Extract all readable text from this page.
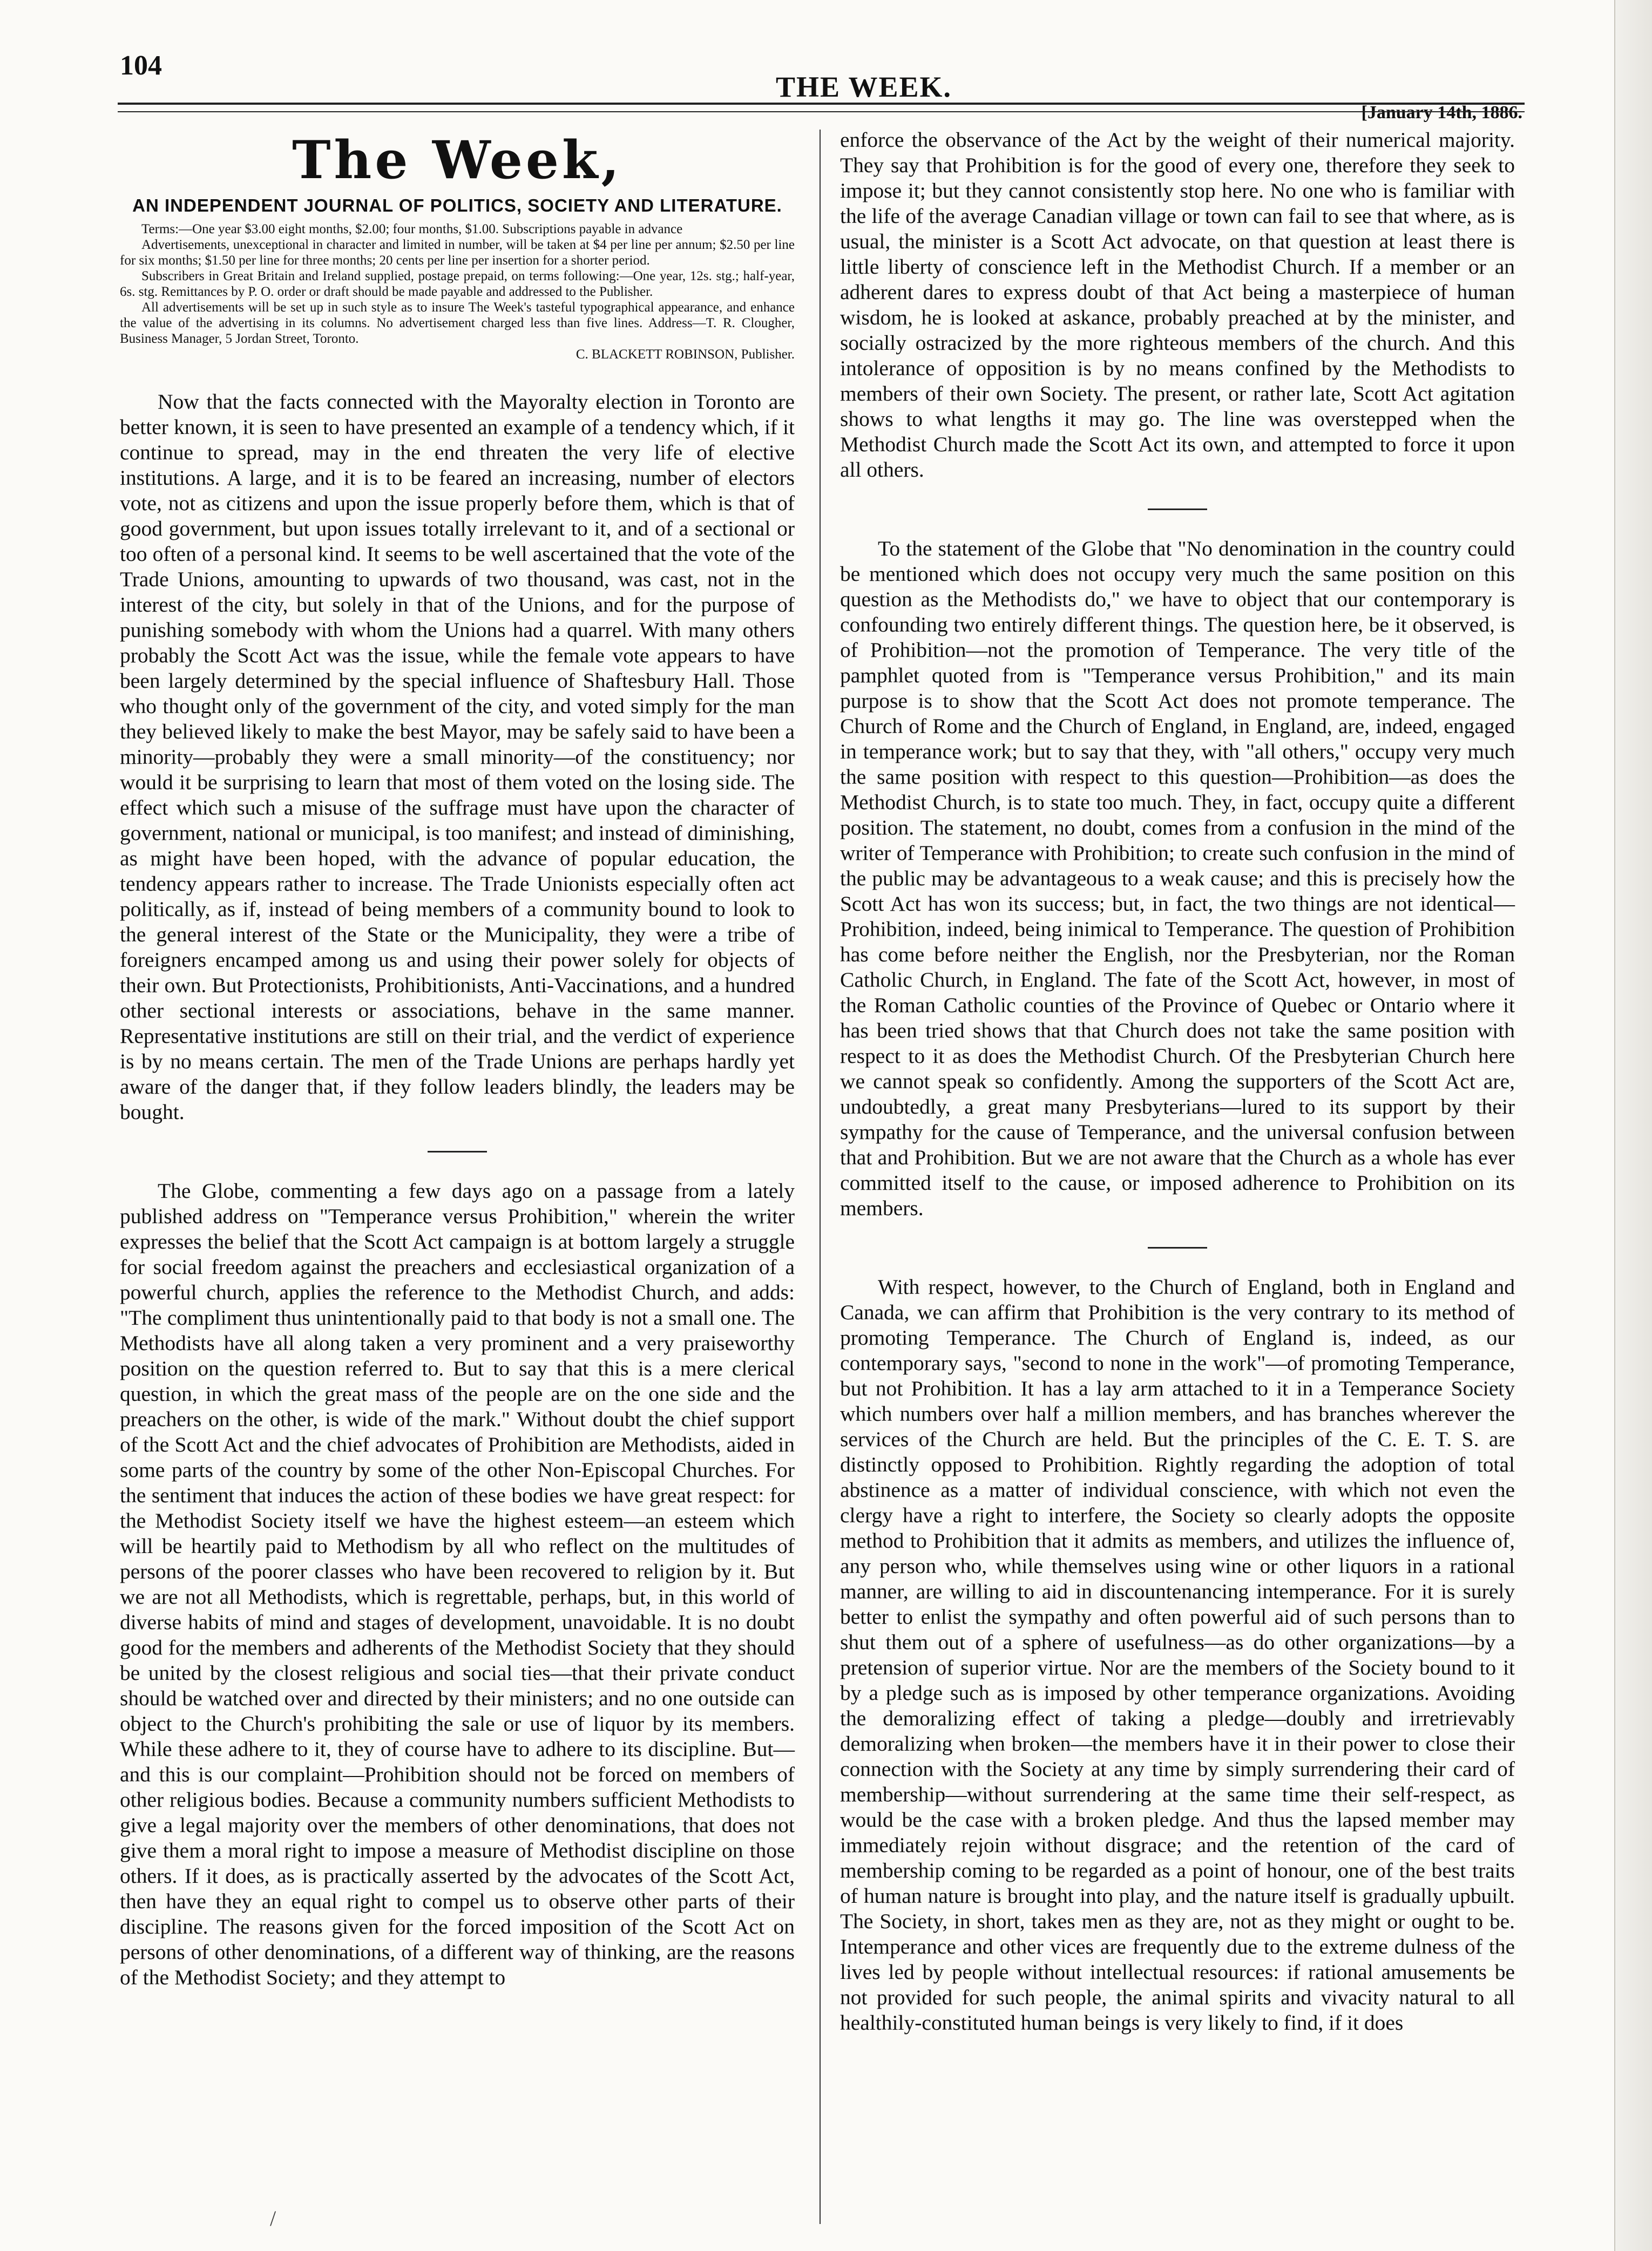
104
THE WEEK.
[January 14th, 1886.
The Week,
AN INDEPENDENT JOURNAL OF POLITICS, SOCIETY AND LITERATURE.

Terms:—One year $3.00 eight months, $2.00; four months, $1.00. Subscriptions payable in advance

Advertisements, unexceptional in character and limited in number, will be taken at $4 per line per annum; $2.50 per line for six months; $1.50 per line for three months; 20 cents per line per insertion for a shorter period.

Subscribers in Great Britain and Ireland supplied, postage prepaid, on terms following:—One year, 12s. stg.; half-year, 6s. stg. Remittances by P. O. order or draft should be made payable and addressed to the Publisher.

All advertisements will be set up in such style as to insure The Week's tasteful typographical appearance, and enhance the value of the advertising in its columns. No advertisement charged less than five lines. Address—T. R. Clougher, Business Manager, 5 Jordan Street, Toronto.

C. BLACKETT ROBINSON, Publisher.

Now that the facts connected with the Mayoralty election in Toronto are better known, it is seen to have presented an example of a tendency which, if it continue to spread, may in the end threaten the very life of elective institutions. A large, and it is to be feared an increasing, number of electors vote, not as citizens and upon the issue properly before them, which is that of good government, but upon issues totally irrelevant to it, and of a sectional or too often of a personal kind. It seems to be well ascertained that the vote of the Trade Unions, amounting to upwards of two thousand, was cast, not in the interest of the city, but solely in that of the Unions, and for the purpose of punishing somebody with whom the Unions had a quarrel. With many others probably the Scott Act was the issue, while the female vote appears to have been largely determined by the special influence of Shaftesbury Hall. Those who thought only of the government of the city, and voted simply for the man they believed likely to make the best Mayor, may be safely said to have been a minority—probably they were a small minority—of the constituency; nor would it be surprising to learn that most of them voted on the losing side. The effect which such a misuse of the suffrage must have upon the character of government, national or municipal, is too manifest; and instead of diminishing, as might have been hoped, with the advance of popular education, the tendency appears rather to increase. The Trade Unionists especially often act politically, as if, instead of being members of a community bound to look to the general interest of the State or the Municipality, they were a tribe of foreigners encamped among us and using their power solely for objects of their own. But Protectionists, Prohibitionists, Anti-Vaccinations, and a hundred other sectional interests or associations, behave in the same manner. Representative institutions are still on their trial, and the verdict of experience is by no means certain. The men of the Trade Unions are perhaps hardly yet aware of the danger that, if they follow leaders blindly, the leaders may be bought.

The Globe, commenting a few days ago on a passage from a lately published address on "Temperance versus Prohibition," wherein the writer expresses the belief that the Scott Act campaign is at bottom largely a struggle for social freedom against the preachers and ecclesiastical organization of a powerful church, applies the reference to the Methodist Church, and adds: "The compliment thus unintentionally paid to that body is not a small one. The Methodists have all along taken a very prominent and a very praiseworthy position on the question referred to. But to say that this is a mere clerical question, in which the great mass of the people are on the one side and the preachers on the other, is wide of the mark." Without doubt the chief support of the Scott Act and the chief advocates of Prohibition are Methodists, aided in some parts of the country by some of the other Non-Episcopal Churches. For the sentiment that induces the action of these bodies we have great respect: for the Methodist Society itself we have the highest esteem—an esteem which will be heartily paid to Methodism by all who reflect on the multitudes of persons of the poorer classes who have been recovered to religion by it. But we are not all Methodists, which is regrettable, perhaps, but, in this world of diverse habits of mind and stages of development, unavoidable. It is no doubt good for the members and adherents of the Methodist Society that they should be united by the closest religious and social ties—that their private conduct should be watched over and directed by their ministers; and no one outside can object to the Church's prohibiting the sale or use of liquor by its members. While these adhere to it, they of course have to adhere to its discipline. But—and this is our complaint—Prohibition should not be forced on members of other religious bodies. Because a community numbers sufficient Methodists to give a legal majority over the members of other denominations, that does not give them a moral right to impose a measure of Methodist discipline on those others. If it does, as is practically asserted by the advocates of the Scott Act, then have they an equal right to compel us to observe other parts of their discipline. The reasons given for the forced imposition of the Scott Act on persons of other denominations, of a different way of thinking, are the reasons of the Methodist Society; and they attempt to

enforce the observance of the Act by the weight of their numerical majority. They say that Prohibition is for the good of every one, therefore they seek to impose it; but they cannot consistently stop here. No one who is familiar with the life of the average Canadian village or town can fail to see that where, as is usual, the minister is a Scott Act advocate, on that question at least there is little liberty of conscience left in the Methodist Church. If a member or an adherent dares to express doubt of that Act being a masterpiece of human wisdom, he is looked at askance, probably preached at by the minister, and socially ostracized by the more righteous members of the church. And this intolerance of opposition is by no means confined by the Methodists to members of their own Society. The present, or rather late, Scott Act agitation shows to what lengths it may go. The line was overstepped when the Methodist Church made the Scott Act its own, and attempted to force it upon all others.

To the statement of the Globe that "No denomination in the country could be mentioned which does not occupy very much the same position on this question as the Methodists do," we have to object that our contemporary is confounding two entirely different things. The question here, be it observed, is of Prohibition—not the promotion of Temperance. The very title of the pamphlet quoted from is "Temperance versus Prohibition," and its main purpose is to show that the Scott Act does not promote temperance. The Church of Rome and the Church of England, in England, are, indeed, engaged in temperance work; but to say that they, with "all others," occupy very much the same position with respect to this question—Prohibition—as does the Methodist Church, is to state too much. They, in fact, occupy quite a different position. The statement, no doubt, comes from a confusion in the mind of the writer of Temperance with Prohibition; to create such confusion in the mind of the public may be advantageous to a weak cause; and this is precisely how the Scott Act has won its success; but, in fact, the two things are not identical—Prohibition, indeed, being inimical to Temperance. The question of Prohibition has come before neither the English, nor the Presbyterian, nor the Roman Catholic Church, in England. The fate of the Scott Act, however, in most of the Roman Catholic counties of the Province of Quebec or Ontario where it has been tried shows that that Church does not take the same position with respect to it as does the Methodist Church. Of the Presbyterian Church here we cannot speak so confidently. Among the supporters of the Scott Act are, undoubtedly, a great many Presbyterians—lured to its support by their sympathy for the cause of Temperance, and the universal confusion between that and Prohibition. But we are not aware that the Church as a whole has ever committed itself to the cause, or imposed adherence to Prohibition on its members.

With respect, however, to the Church of England, both in England and Canada, we can affirm that Prohibition is the very contrary to its method of promoting Temperance. The Church of England is, indeed, as our contemporary says, "second to none in the work"—of promoting Temperance, but not Prohibition. It has a lay arm attached to it in a Temperance Society which numbers over half a million members, and has branches wherever the services of the Church are held. But the principles of the C. E. T. S. are distinctly opposed to Prohibition. Rightly regarding the adoption of total abstinence as a matter of individual conscience, with which not even the clergy have a right to interfere, the Society so clearly adopts the opposite method to Prohibition that it admits as members, and utilizes the influence of, any person who, while themselves using wine or other liquors in a rational manner, are willing to aid in discountenancing intemperance. For it is surely better to enlist the sympathy and often powerful aid of such persons than to shut them out of a sphere of usefulness—as do other organizations—by a pretension of superior virtue. Nor are the members of the Society bound to it by a pledge such as is imposed by other temperance organizations. Avoiding the demoralizing effect of taking a pledge—doubly and irretrievably demoralizing when broken—the members have it in their power to close their connection with the Society at any time by simply surrendering their card of membership—without surrendering at the same time their self-respect, as would be the case with a broken pledge. And thus the lapsed member may immediately rejoin without disgrace; and the retention of the card of membership coming to be regarded as a point of honour, one of the best traits of human nature is brought into play, and the nature itself is gradually upbuilt. The Society, in short, takes men as they are, not as they might or ought to be. Intemperance and other vices are frequently due to the extreme dulness of the lives led by people without intellectual resources: if rational amusements be not provided for such people, the animal spirits and vivacity natural to all healthily-constituted human beings is very likely to find, if it does

/
